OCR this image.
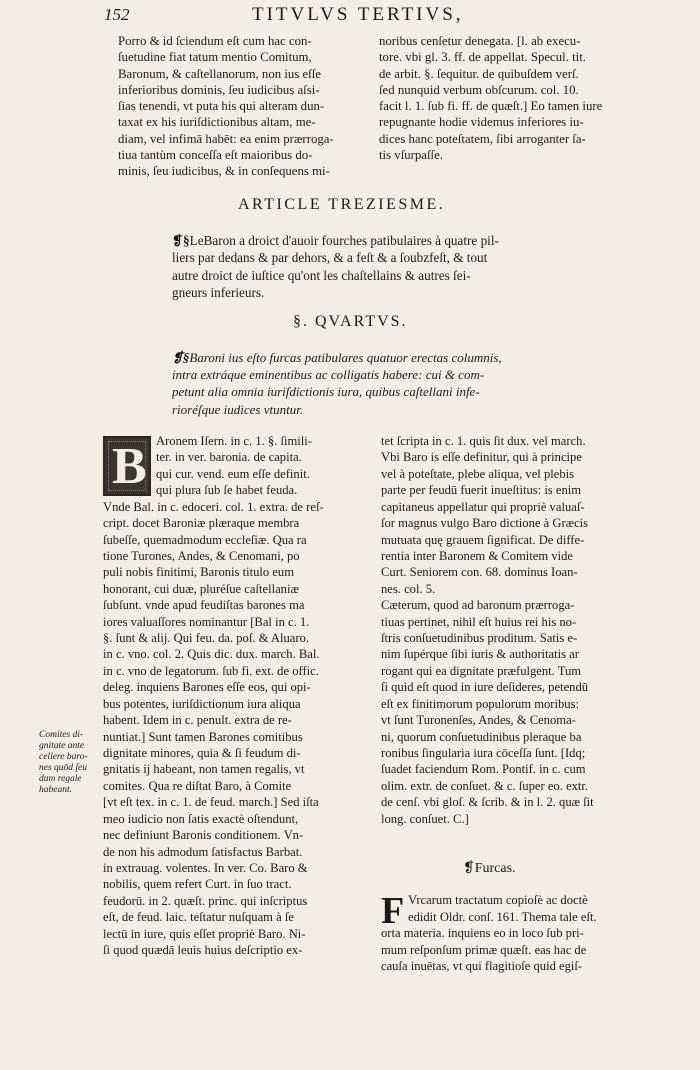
152	TITVLVS TERTIVS,
Porro & id ſciendum eſt cum hac con-
ſuetudine fiat tatum mentio Comitum,
Baronum, & caſtellanorum, non ius eſſe
inferioribus dominis, ſeu iudicibus aſsi-
ſias tenendi, vt puta his qui alteram dun-
taxat ex his iuriſdictionibus altam, me-
diam, vel infimā habēt: ea enim prærroga-
tiua tantùm conceſſa eſt maioribus do-
minis, ſeu iudicibus, & in conſequens mi-
noribus cenſetur denegata. [l. ab execu-
tore. vbi gl. 3. ff. de appellat. Specul. tit.
de arbit. §. ſequitur. de quibuſdem verſ.
ſed nunquid verbum obſcurum. col. 10.
facit l. 1. ſub fi. ff. de quæſt.] Eo tamen iure
repugnante hodie videmus inferiores iu-
dices hanc poteſtatem, ſibi arroganter ſa-
tis vſurpaſſe.
ARTICLE TREZIESME.
❡§LeBaron a droict d'auoir fourches patibulaires à quatre pil-
liers par dedans & par dehors, & a feſt & a ſoubzfeſt, & tout
autre droict de iuſtice qu'ont les chaſtellains & autres ſei-
gneurs inferieurs.
§. QVARTVS.
❡§Baroni ius eſto furcas patibulares quatuor erectas columnis,
intra extráque eminentibus ac colligatis habere: cui & com-
petunt alia omnia iuriſdictionis iura, quibus caſtellani infe-
rioréſque iudices vtuntur.
B Aronem Iſern. in c. 1. §. ſimili-
ter. in ver. baronia. de capita.
qui cur. vend. eum eſſe definit.
qui plura ſub ſe habet feuda.
Vnde Bal. in c. edoceri. col. 1. extra. de reſ-
cript. docet Baroniæ plæraque membra
ſubeſſe, quemadmodum eccleſiæ. Qua ra
tione Turones, Andes, & Cenomani, po
puli nobis finitimi, Baronis titulo eum
honorant, cui duæ, pluréſue caſtellaniæ
ſubſunt. vnde apud feudiſtas barones ma
iores valuaſſores nominantur [Bal in c. 1.
§. ſunt & alij. Qui feu. da. poſ. & Aluaro.
in c. vno. col. 2. Quis dic. dux. march. Bal.
in c. vno de legatorum. ſub fi. ext. de offic.
deleg. inquiens Barones eſſe eos, qui opi-
bus potentes, iuriſdictionum iura aliqua
habent. Idem in c. penult. extra de re-
nuntiat.] Sunt tamen Barones comitibus
dignitate minores, quia & ſi feudum di-
gnitatis ij habeant, non tamen regalis, vt
comites. Qua re diſtat Baro, à Comite
[vt eſt tex. in c. 1. de feud. march.] Sed iſta
meo iudicio non ſatis exactè oſtendunt,
nec definiunt Baronis conditionem. Vn-
de non his admodum ſatisfactus Barbat.
in extrauag. volentes. In ver. Co. Baro &
nobilis, quem refert Curt. in ſuo tract.
feudorū. in 2. quæſt. princ. qui inſcriptus
eſt, de feud. laic. teſtatur nuſquam à ſe
lectū in iure, quis eſſet propriè Baro. Ni-
ſi quod quædā leuis huius deſcriptio ex-
Comites di-
gnitate ante
cellere baro-
nes quōd ſeu
dum regale
habeant.
tet ſcripta in c. 1. quis ſit dux. vel march.
Vbi Baro is eſſe definitur, qui à principe
vel à poteſtate, plebe aliqua, vel plebis
parte per feudū fuerit inueſtitus: is enim
capitaneus appellatur qui propriè valuaſ-
ſor magnus vulgo Baro dictione à Græcis
mutuata quę grauem ſignificat. De diffe-
rentia inter Baronem & Comitem vide
Curt. Seniorem con. 68. dominus Ioan-
nes. col. 5.
Cæterum, quod ad baronum prærroga-
tiuas pertinet, nihil eſt huius rei his no-
ſtris conſuetudinibus proditum. Satis e-
nim ſupérque ſibi iuris & authoritatis ar
rogant qui ea dignitate præfulgent. Tum
ſi quid eſt quod in iure deſideres, petendū
eſt ex finitimorum populorum moribus:
vt ſunt Turonenſes, Andes, & Cenoma-
ni, quorum conſuetudinibus pleraque ba
ronibus ſingularia iura cōceſſa ſunt. [Idq;
ſuadet faciendum Rom. Pontif. in c. cum
olim. extr. de conſuet. & c. ſuper eo. extr.
de cenſ. vbi gloſ. & ſcrib. & in l. 2. quæ ſit
long. conſuet. C.]
❡Furcas.
F Vrcarum tractatum copioſè ac doctè
edidit Oldr. conſ. 161. Thema tale eſt.
orta materia. inquiens eo in loco ſub pri-
mum reſponſum primæ quæſt. eas hac de
cauſa inuētas, vt qui flagitioſe quid egiſ-
